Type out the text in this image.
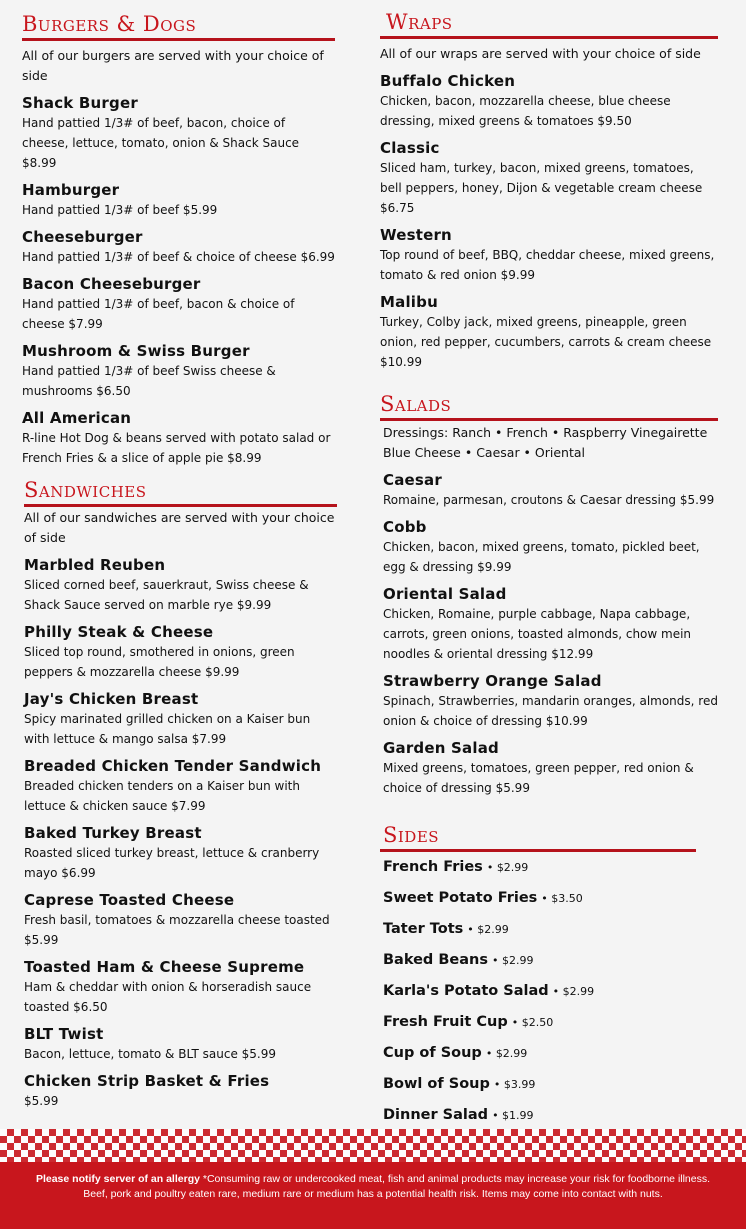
Burgers & Dogs
All of our burgers are served with your choice of side
Shack Burger
Hand pattied 1/3# of beef, bacon, choice of cheese, lettuce, tomato, onion & Shack Sauce $8.99
Hamburger
Hand pattied 1/3# of beef $5.99
Cheeseburger
Hand pattied 1/3# of beef & choice of cheese $6.99
Bacon Cheeseburger
Hand pattied 1/3# of beef, bacon & choice of cheese $7.99
Mushroom & Swiss Burger
Hand pattied 1/3# of beef Swiss cheese & mushrooms $6.50
All American
R-line Hot Dog & beans served with potato salad or French Fries & a slice of apple pie $8.99
Sandwiches
All of our sandwiches are served with your choice of side
Marbled Reuben
Sliced corned beef, sauerkraut, Swiss cheese & Shack Sauce served on marble rye $9.99
Philly Steak & Cheese
Sliced top round, smothered in onions, green peppers & mozzarella cheese $9.99
Jay's Chicken Breast
Spicy marinated grilled chicken on a Kaiser bun with lettuce & mango salsa $7.99
Breaded Chicken Tender Sandwich
Breaded chicken tenders on a Kaiser bun with lettuce & chicken sauce $7.99
Baked Turkey Breast
Roasted sliced turkey breast, lettuce & cranberry mayo $6.99
Caprese Toasted Cheese
Fresh basil, tomatoes & mozzarella cheese toasted $5.99
Toasted Ham & Cheese Supreme
Ham & cheddar with onion & horseradish sauce toasted $6.50
BLT Twist
Bacon, lettuce, tomato & BLT sauce $5.99
Chicken Strip Basket & Fries
$5.99
Wraps
All of our wraps are served with your choice of side
Buffalo Chicken
Chicken, bacon, mozzarella cheese, blue cheese dressing, mixed greens & tomatoes $9.50
Classic
Sliced ham, turkey, bacon, mixed greens, tomatoes, bell peppers, honey, Dijon & vegetable cream cheese $6.75
Western
Top round of beef, BBQ, cheddar cheese, mixed greens, tomato & red onion $9.99
Malibu
Turkey, Colby jack, mixed greens, pineapple, green onion, red pepper, cucumbers, carrots & cream cheese $10.99
Salads
Dressings: Ranch • French • Raspberry Vinegairette
Blue Cheese • Caesar • Oriental
Caesar
Romaine, parmesan, croutons & Caesar dressing $5.99
Cobb
Chicken, bacon, mixed greens, tomato, pickled beet, egg & dressing $9.99
Oriental Salad
Chicken, Romaine, purple cabbage, Napa cabbage, carrots, green onions, toasted almonds, chow mein noodles & oriental dressing $12.99
Strawberry Orange Salad
Spinach, Strawberries, mandarin oranges, almonds, red onion & choice of dressing $10.99
Garden Salad
Mixed greens, tomatoes, green pepper, red onion & choice of dressing $5.99
Sides
French Fries • $2.99
Sweet Potato Fries • $3.50
Tater Tots • $2.99
Baked Beans • $2.99
Karla's Potato Salad • $2.99
Fresh Fruit Cup • $2.50
Cup of Soup • $2.99
Bowl of Soup • $3.99
Dinner Salad • $1.99
Please notify server of an allergy *Consuming raw or undercooked meat, fish and animal products may increase your risk for foodborne illness.
Beef, pork and poultry eaten rare, medium rare or medium has a potential health risk. Items may come into contact with nuts.
